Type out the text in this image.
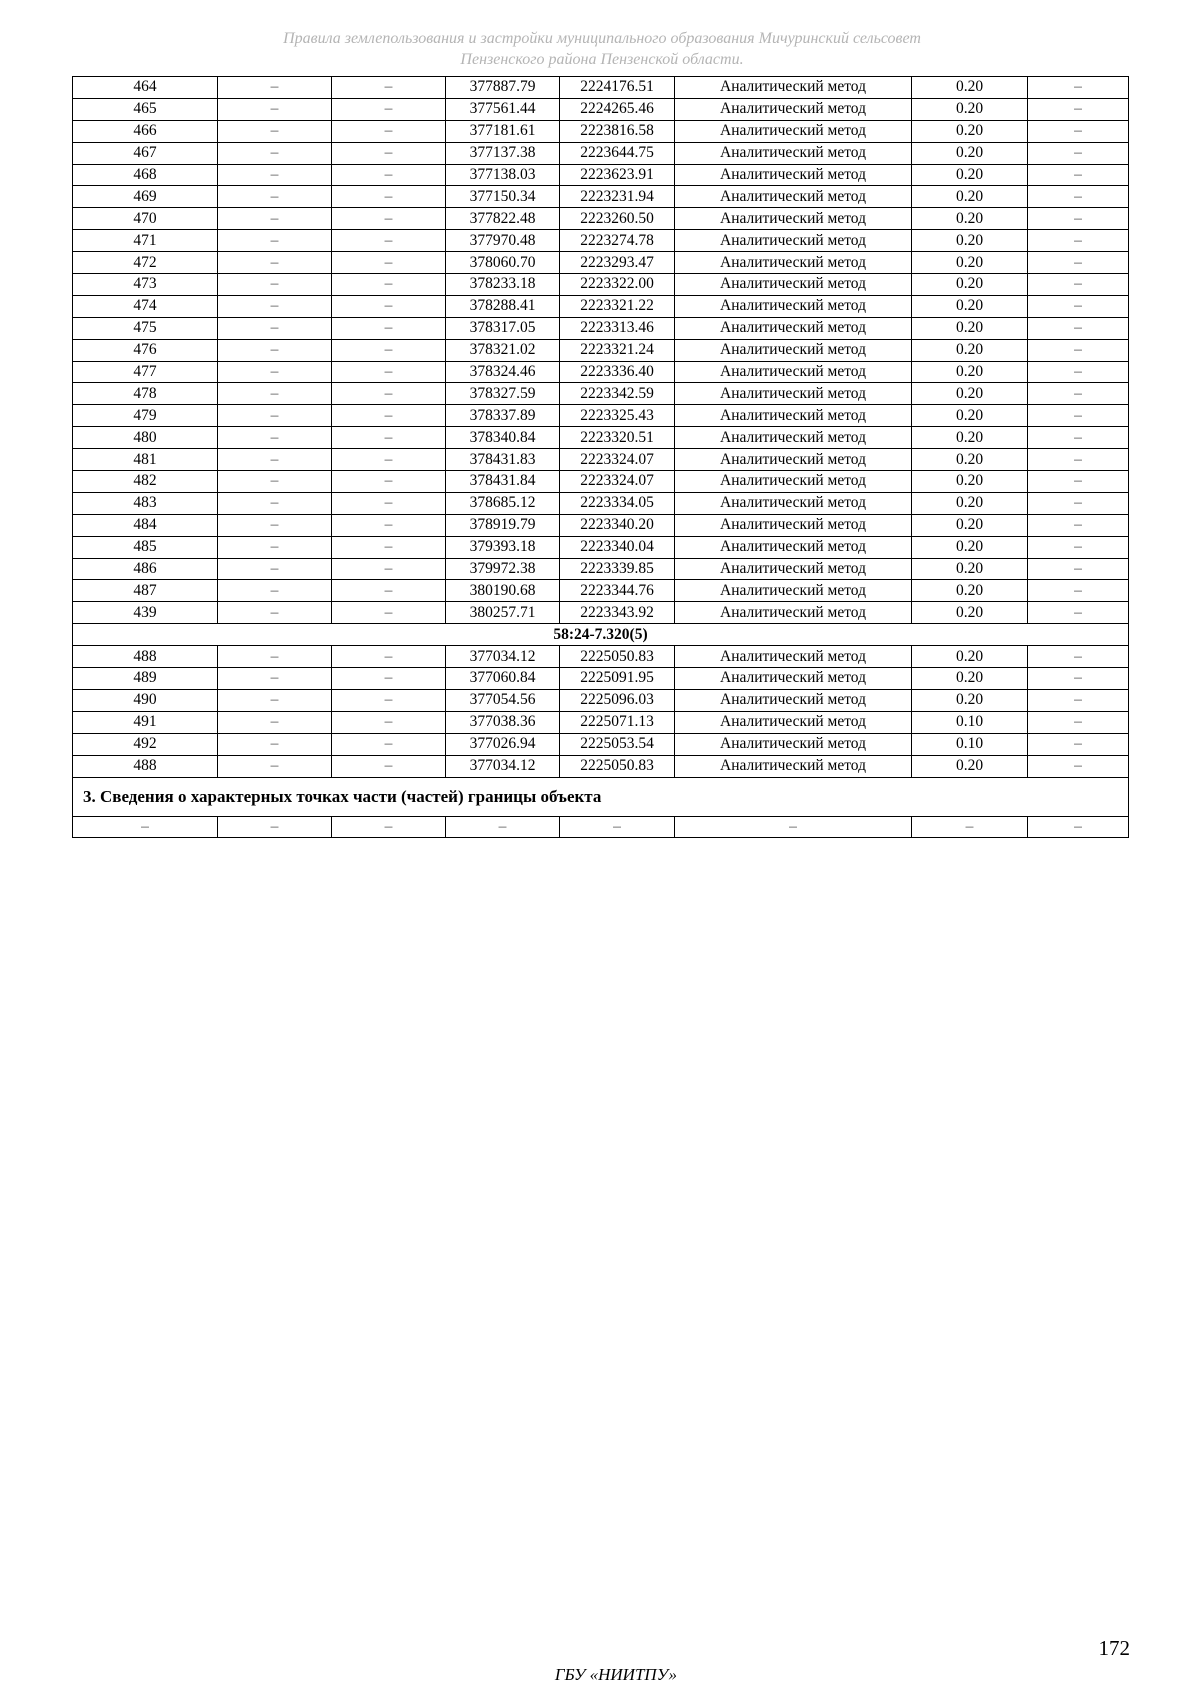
Правила землепользования и застройки муниципального образования Мичуринский сельсовет
Пензенского района Пензенской области.
464	–	–	377887.79	2224176.51	Аналитический метод	0.20	–
465	–	–	377561.44	2224265.46	Аналитический метод	0.20	–
466	–	–	377181.61	2223816.58	Аналитический метод	0.20	–
467	–	–	377137.38	2223644.75	Аналитический метод	0.20	–
468	–	–	377138.03	2223623.91	Аналитический метод	0.20	–
469	–	–	377150.34	2223231.94	Аналитический метод	0.20	–
470	–	–	377822.48	2223260.50	Аналитический метод	0.20	–
471	–	–	377970.48	2223274.78	Аналитический метод	0.20	–
472	–	–	378060.70	2223293.47	Аналитический метод	0.20	–
473	–	–	378233.18	2223322.00	Аналитический метод	0.20	–
474	–	–	378288.41	2223321.22	Аналитический метод	0.20	–
475	–	–	378317.05	2223313.46	Аналитический метод	0.20	–
476	–	–	378321.02	2223321.24	Аналитический метод	0.20	–
477	–	–	378324.46	2223336.40	Аналитический метод	0.20	–
478	–	–	378327.59	2223342.59	Аналитический метод	0.20	–
479	–	–	378337.89	2223325.43	Аналитический метод	0.20	–
480	–	–	378340.84	2223320.51	Аналитический метод	0.20	–
481	–	–	378431.83	2223324.07	Аналитический метод	0.20	–
482	–	–	378431.84	2223324.07	Аналитический метод	0.20	–
483	–	–	378685.12	2223334.05	Аналитический метод	0.20	–
484	–	–	378919.79	2223340.20	Аналитический метод	0.20	–
485	–	–	379393.18	2223340.04	Аналитический метод	0.20	–
486	–	–	379972.38	2223339.85	Аналитический метод	0.20	–
487	–	–	380190.68	2223344.76	Аналитический метод	0.20	–
439	–	–	380257.71	2223343.92	Аналитический метод	0.20	–
58:24-7.320(5)							
488	–	–	377034.12	2225050.83	Аналитический метод	0.20	–
489	–	–	377060.84	2225091.95	Аналитический метод	0.20	–
490	–	–	377054.56	2225096.03	Аналитический метод	0.20	–
491	–	–	377038.36	2225071.13	Аналитический метод	0.10	–
492	–	–	377026.94	2225053.54	Аналитический метод	0.10	–
488	–	–	377034.12	2225050.83	Аналитический метод	0.20	–
3. Сведения о характерных точках части (частей) границы объекта							
–	–	–	–	–	–	–	–
172
ГБУ «НИИТПУ»
